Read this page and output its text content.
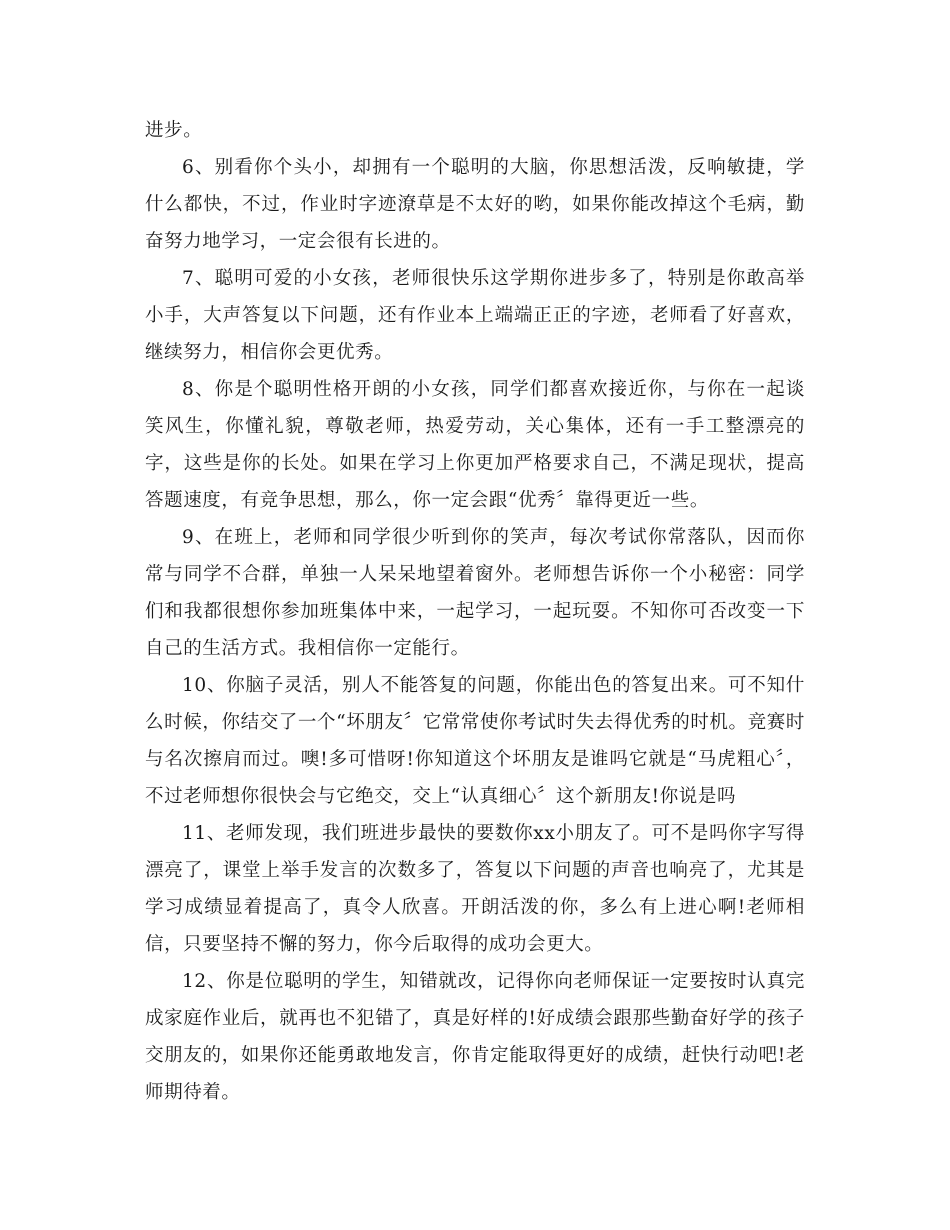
进步。

6、别看你个头小，却拥有一个聪明的大脑，你思想活泼，反响敏捷，学什么都快，不过，作业时字迹潦草是不太好的哟，如果你能改掉这个毛病，勤奋努力地学习，一定会很有长进的。

7、聪明可爱的小女孩，老师很快乐这学期你进步多了，特别是你敢高举小手，大声答复以下问题，还有作业本上端端正正的字迹，老师看了好喜欢，继续努力，相信你会更优秀。

8、你是个聪明性格开朗的小女孩，同学们都喜欢接近你，与你在一起谈笑风生，你懂礼貌，尊敬老师，热爱劳动，关心集体，还有一手工整漂亮的字，这些是你的长处。如果在学习上你更加严格要求自己，不满足现状，提高答题速度，有竞争思想，那么，你一定会跟“优秀〞靠得更近一些。

9、在班上，老师和同学很少听到你的笑声，每次考试你常落队，因而你常与同学不合群，单独一人呆呆地望着窗外。老师想告诉你一个小秘密：同学们和我都很想你参加班集体中来，一起学习，一起玩耍。不知你可否改变一下自己的生活方式。我相信你一定能行。

10、你脑子灵活，别人不能答复的问题，你能出色的答复出来。可不知什么时候，你结交了一个“坏朋友〞它常常使你考试时失去得优秀的时机。竞赛时与名次擦肩而过。噢!多可惜呀!你知道这个坏朋友是谁吗它就是“马虎粗心〞，不过老师想你很快会与它绝交，交上“认真细心〞这个新朋友!你说是吗

11、老师发现，我们班进步最快的要数你xx小朋友了。可不是吗你字写得漂亮了，课堂上举手发言的次数多了，答复以下问题的声音也响亮了，尤其是学习成绩显着提高了，真令人欣喜。开朗活泼的你，多么有上进心啊!老师相信，只要坚持不懈的努力，你今后取得的成功会更大。

12、你是位聪明的学生，知错就改，记得你向老师保证一定要按时认真完成家庭作业后，就再也不犯错了，真是好样的!好成绩会跟那些勤奋好学的孩子交朋友的，如果你还能勇敢地发言，你肯定能取得更好的成绩，赶快行动吧!老师期待着。
